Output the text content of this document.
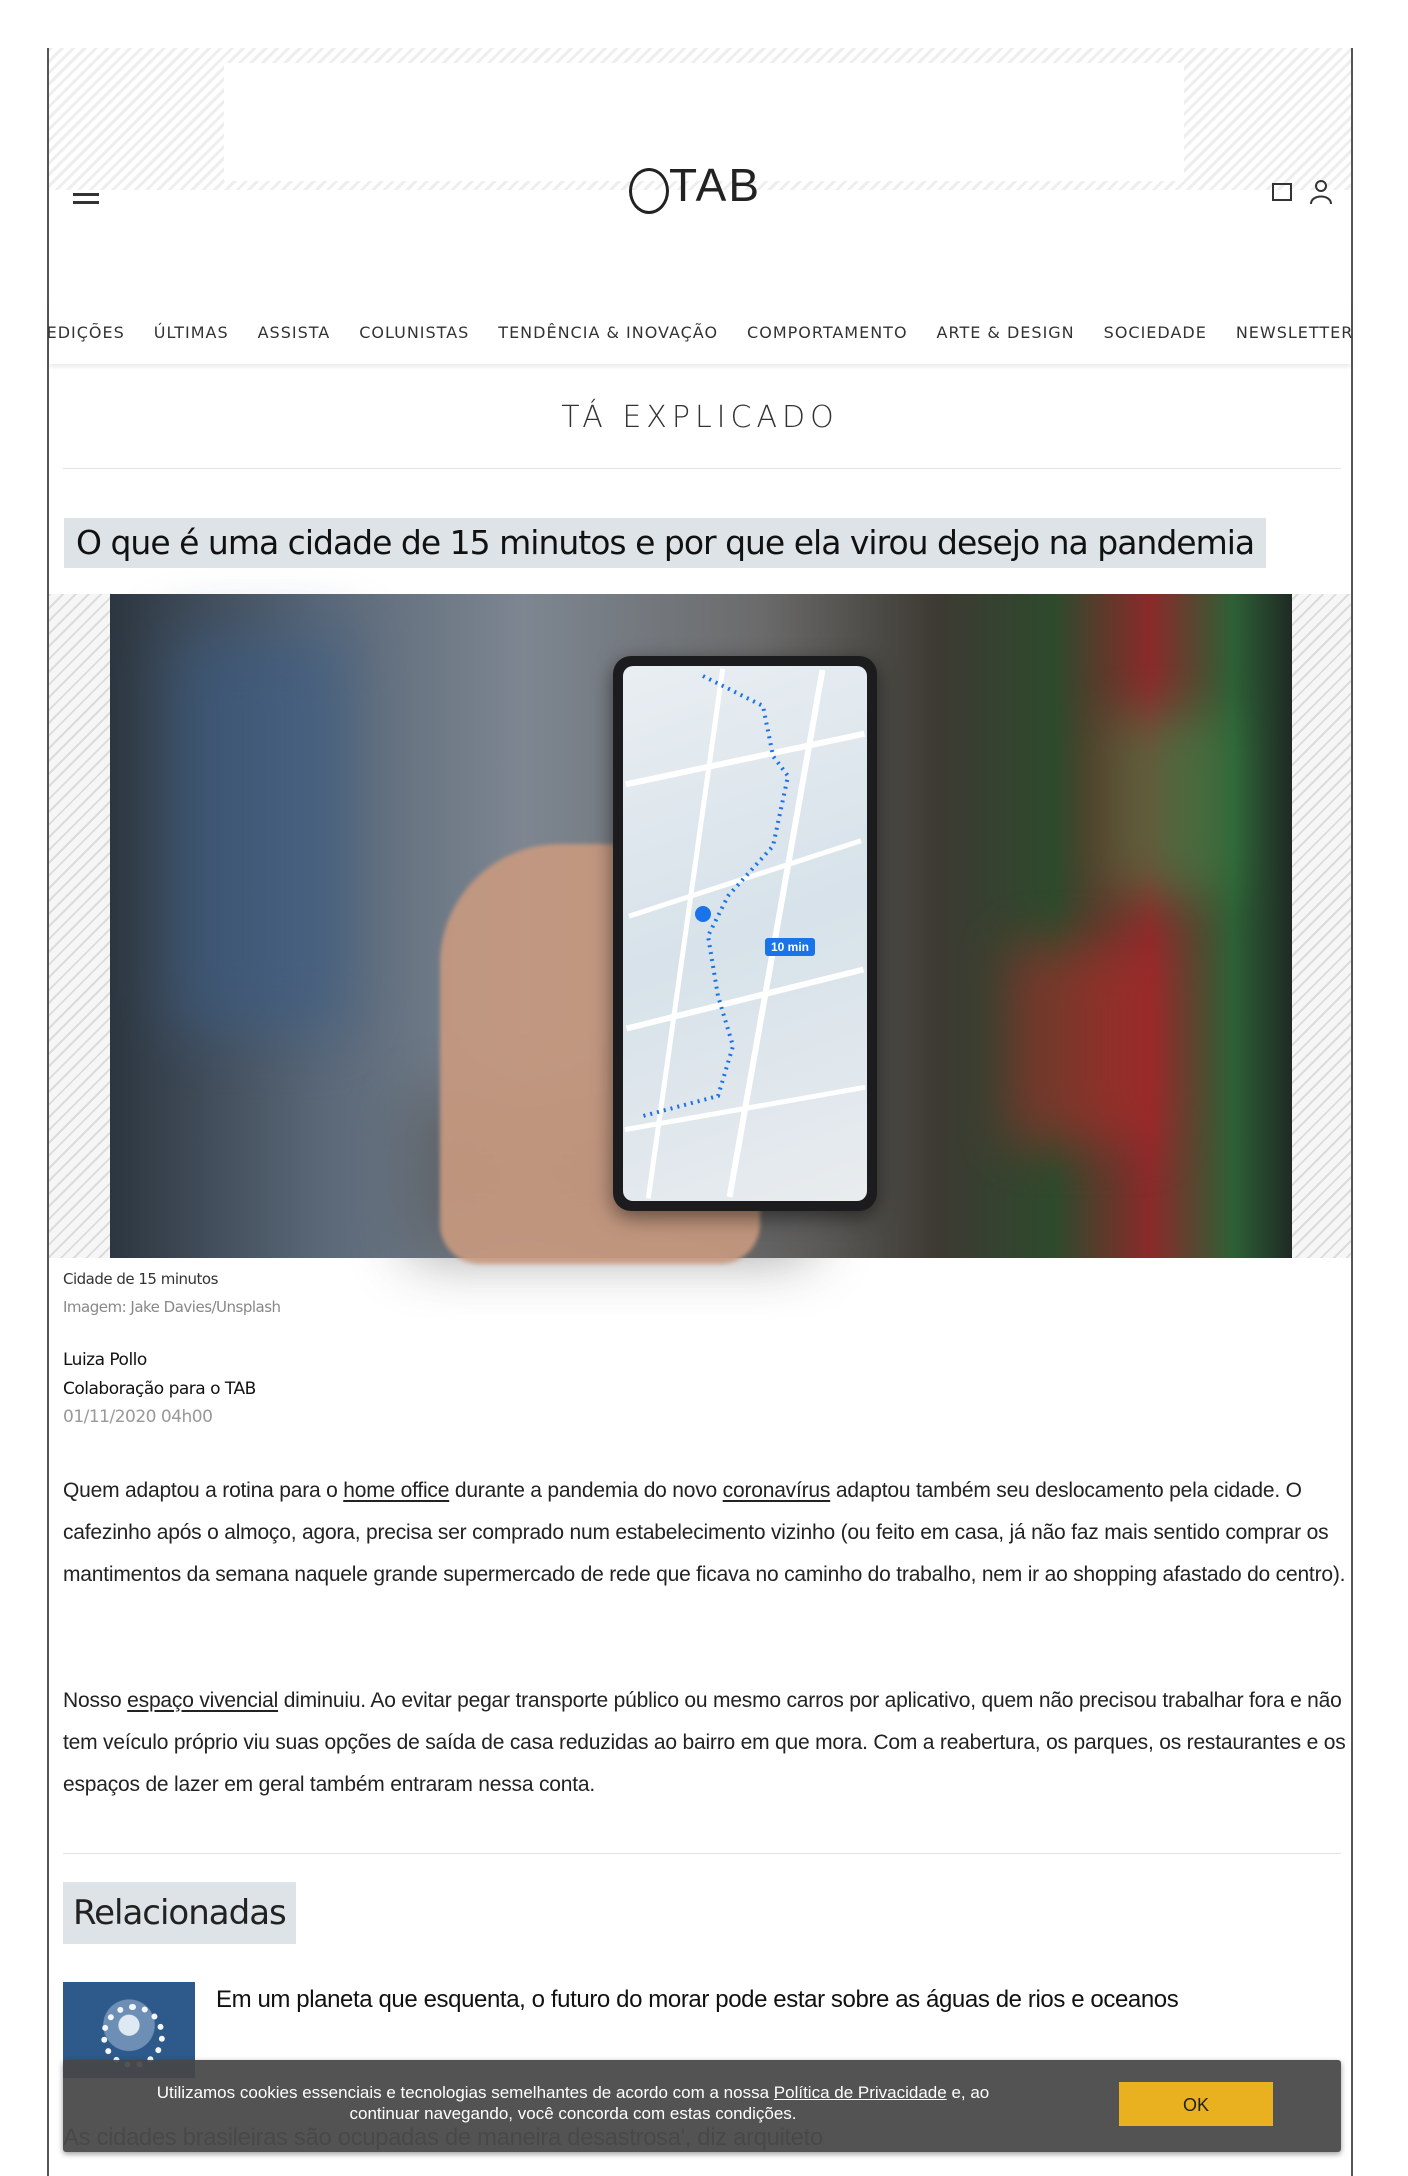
TAB
EDIÇÕES	ÚLTIMAS	ASSISTA	COLUNISTAS	TENDÊNCIA & INOVAÇÃO	COMPORTAMENTO	ARTE & DESIGN	SOCIEDADE	NEWSLETTER
TÁ EXPLICADO
O que é uma cidade de 15 minutos e por que ela virou desejo na pandemia
10 min
Cidade de 15 minutos
Imagem: Jake Davies/Unsplash
Luiza Pollo
Colaboração para o TAB
01/11/2020 04h00

Quem adaptou a rotina para o home office durante a pandemia do novo coronavírus adaptou também seu deslocamento pela cidade. O cafezinho após o almoço, agora, precisa ser comprado num estabelecimento vizinho (ou feito em casa, já não faz mais sentido comprar os mantimentos da semana naquele grande supermercado de rede que ficava no caminho do trabalho, nem ir ao shopping afastado do centro).

Nosso espaço vivencial diminuiu. Ao evitar pegar transporte público ou mesmo carros por aplicativo, quem não precisou trabalhar fora e não tem veículo próprio viu suas opções de saída de casa reduzidas ao bairro em que mora. Com a reabertura, os parques, os restaurantes e os espaços de lazer em geral também entraram nessa conta.

Relacionadas
Em um planeta que esquenta, o futuro do morar pode estar sobre as águas de rios e oceanos
Utilizamos cookies essenciais e tecnologias semelhantes de acordo com a nossa Política de Privacidade e, ao continuar navegando, você concorda com estas condições.	OK
